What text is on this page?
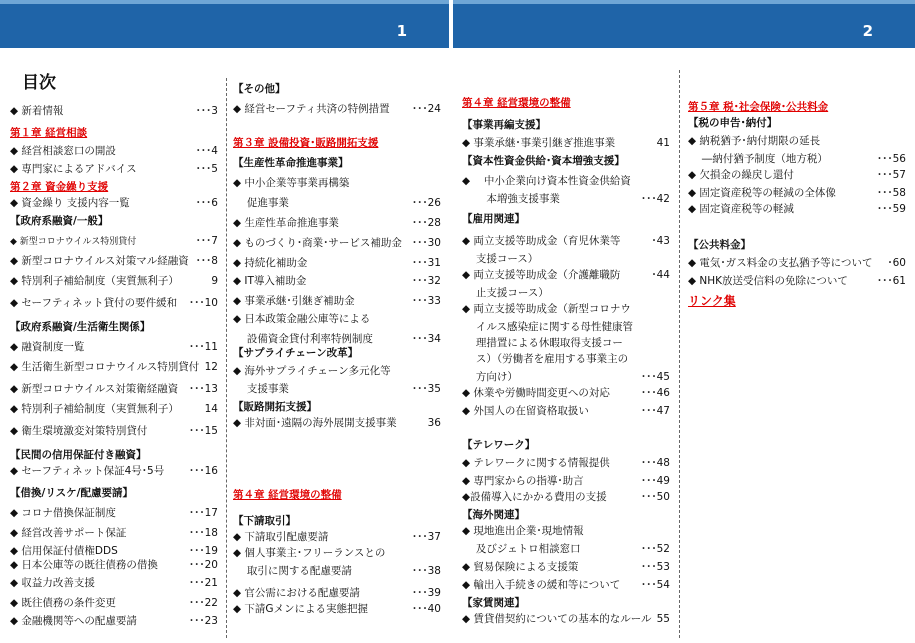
1	2
目次
◆ 新着情報	･･･3
第１章 経営相談
◆ 経営相談窓口の開設	･･･4
◆ 専門家によるアドバイス	･･･5
第２章 資金繰り支援
◆ 資金繰り 支援内容一覧	･･･6
【政府系融資/一般】
◆ 新型コロナウイルス特別貸付	･･･7
◆ 新型コロナウイルス対策マル経融資 ･･･8
◆ 特別利子補給制度（実質無利子）	9
◆ セーフティネット貸付の要件緩和 ･･･10
【政府系融資/生活衛生関係】
◆ 融資制度一覧	･･･11
◆ 生活衛生新型コロナウイルス特別貸付 12
◆ 新型コロナウイルス対策衛経融資 ･･･13
◆ 特別利子補給制度（実質無利子） 14
◆ 衛生環境激変対策特別貸付	･･･15
【民間の信用保証付き融資】
◆ セーフティネット保証4号･5号 ･･･16
【借換/リスケ/配慮要請】
◆ コロナ借換保証制度	･･･17
◆ 経営改善サポート保証	･･･18
◆ 信用保証付債権DDS	･･･19
◆ 日本公庫等の既往債務の借換	･･･20
◆ 収益力改善支援	･･･21
◆ 既往債務の条件変更	･･･22
◆ 金融機関等への配慮要請	･･･23
【その他】
◆ 経営セーフティ共済の特例措置 ･･･24
第３章 設備投資･販路開拓支援
【生産性革命推進事業】
◆ 中小企業等事業再構築
　 促進事業	･･･26
◆ 生産性革命推進事業	･･･28
◆ ものづくり･商業･サービス補助金 ･･･30
◆ 持続化補助金	･･･31
◆ IT導入補助金	･･･32
◆ 事業承継･引継ぎ補助金	･･･33
◆ 日本政策金融公庫等による
　 設備資金貸付利率特例制度	･･･34
【サプライチェーン改革】
◆ 海外サプライチェーン多元化等
　 支援事業	･･･35
【販路開拓支援】
◆ 非対面･遠隔の海外展開支援事業	36
第４章 経営環境の整備
【下請取引】
◆ 下請取引配慮要請	･･･37
◆ 個人事業主･フリーランスとの
　 取引に関する配慮要請	･･･38
◆ 官公需における配慮要請	･･･39
◆ 下請Gメンによる実態把握	･･･40
第４章 経営環境の整備
【事業再編支援】
◆ 事業承継･事業引継ぎ推進事業	41
【資本性資金供給･資本増強支援】
◆ 　中小企業向け資本性資金供給資
　　 本増強支援事業	･･･42
【雇用関連】
◆ 両立支援等助成金（育児休業等	･43
　 支援コース）
◆ 両立支援等助成金（介護離職防	･44
　 止支援コース）
◆ 両立支援等助成金（新型コロナウ
　 イルス感染症に関する母性健康管
　 理措置による休暇取得支援コー
　 ス）（労働者を雇用する事業主の
　 方向け）	･･･45
◆ 休業や労働時間変更への対応	･･･46
◆ 外国人の在留資格取扱い	･･･47
【テレワーク】
◆ テレワークに関する情報提供	･･･48
◆ 専門家からの指導･助言	･･･49
◆設備導入にかかる費用の支援	･･･50
【海外関連】
◆ 現地進出企業･現地情報
　 及びジェトロ相談窓口	･･･52
◆ 貿易保険による支援策	･･･53
◆ 輸出入手続きの緩和等について ･･･54
【家賃関連】
◆ 賃貸借契約についての基本的なルール 55
第５章 税･社会保険･公共料金
【税の申告･納付】
◆ 納税猶予･納付期限の延長
　 ―納付猶予制度（地方税）	･･･56
◆ 欠損金の繰戻し還付	･･･57
◆ 固定資産税等の軽減の全体像	･･･58
◆ 固定資産税等の軽減	･･･59
【公共料金】
◆ 電気･ガス料金の支払猶予等について ･60
◆ NHK放送受信料の免除について	･･･61
リンク集
